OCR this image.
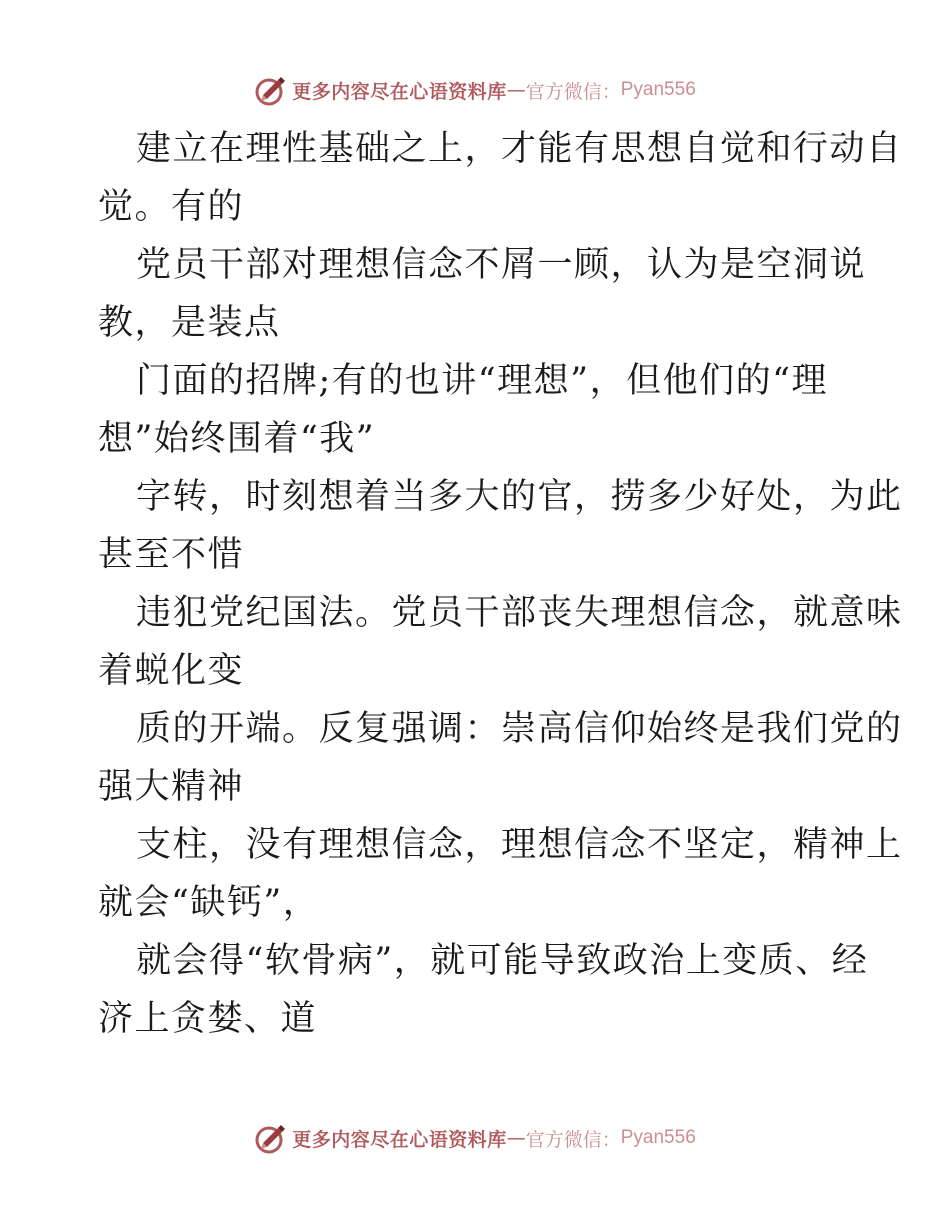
更多内容尽在心语资料库 — 官方微信： Pyan556

建立在理性基础之上，才能有思想自觉和行动自
觉。有的

党员干部对理想信念不屑一顾，认为是空洞说
教，是装点

门面的招牌;有的也讲“理想”，但他们的“理
想”始终围着“我”

字转，时刻想着当多大的官，捞多少好处，为此
甚至不惜

违犯党纪国法。党员干部丧失理想信念，就意味
着蜕化变

质的开端。反复强调：崇高信仰始终是我们党的
强大精神

支柱，没有理想信念，理想信念不坚定，精神上
就会“缺钙”，

就会得“软骨病”，就可能导致政治上变质、经
济上贪婪、道

更多内容尽在心语资料库 — 官方微信： Pyan556
